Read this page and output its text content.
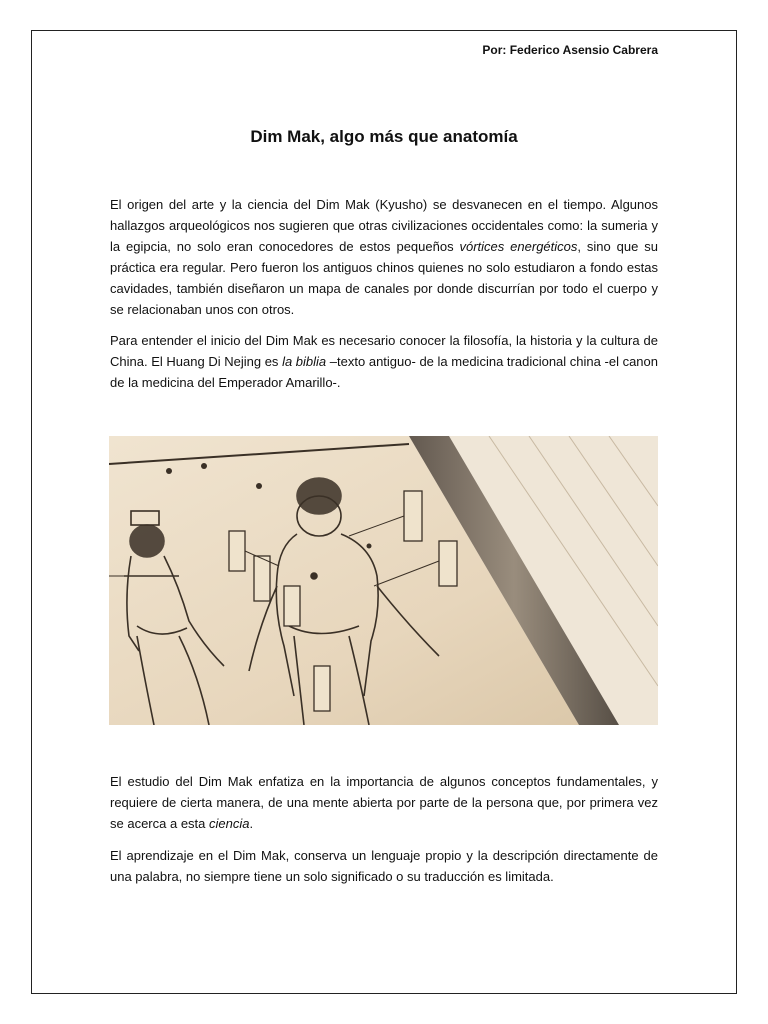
Por: Federico Asensio Cabrera
Dim Mak, algo más que anatomía

El origen del arte y la ciencia del Dim Mak (Kyusho) se desvanecen en el tiempo. Algunos hallazgos arqueológicos nos sugieren que otras civilizaciones occidentales como: la sumeria y la egipcia, no solo eran conocedores de estos pequeños vórtices energéticos, sino que su práctica era regular. Pero fueron los antiguos chinos quienes no solo estudiaron a fondo estas cavidades, también diseñaron un mapa de canales por donde discurrían por todo el cuerpo y se relacionaban unos con otros.

Para entender el inicio del Dim Mak es necesario conocer la filosofía, la historia y la cultura de China. El Huang Di Nejing es la biblia –texto antiguo- de la medicina tradicional china -el canon de la medicina del Emperador Amarillo-.

El estudio del Dim Mak enfatiza en la importancia de algunos conceptos fundamentales, y requiere de cierta manera, de una mente abierta por parte de la persona que, por primera vez se acerca a esta ciencia.

El aprendizaje en el Dim Mak, conserva un lenguaje propio y la descripción directamente de una palabra, no siempre tiene un solo significado o su traducción es limitada.
